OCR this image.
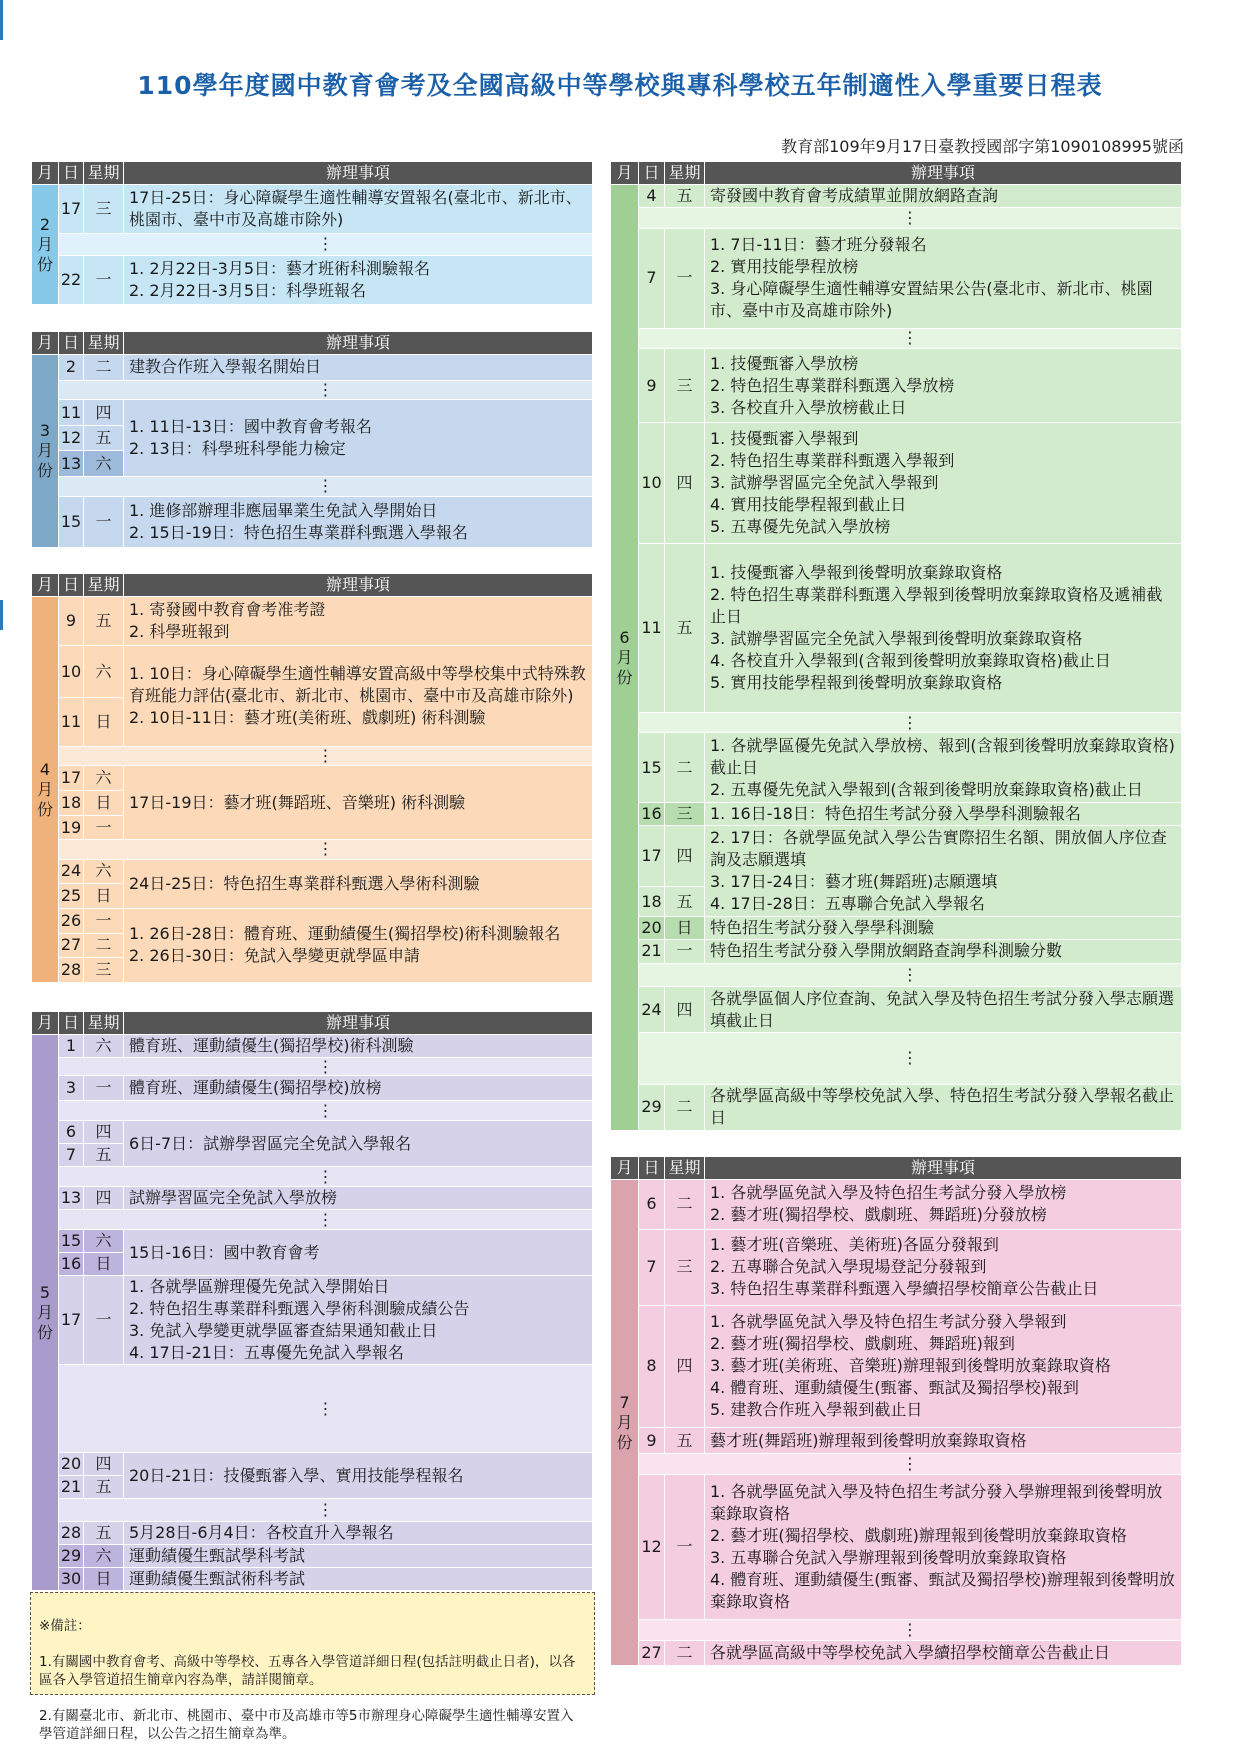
110學年度國中教育會考及全國高級中等學校與專科學校五年制適性入學重要日程表
教育部109年9月17日臺教授國部字第1090108995號函
月	日	星期	辦理事項
2
月
份	17	三	17日-25日：身心障礙學生適性輔導安置報名(臺北市、新北市、桃園市、臺中市及高雄市除外)
	⋮		
	22	一	1. 2月22日-3月5日：藝才班術科測驗報名
2. 2月22日-3月5日：科學班報名
月	日	星期	辦理事項
3
月
份	2	二	建教合作班入學報名開始日
	⋮		
	11	四	1. 11日-13日：國中教育會考報名
2. 13日：科學班科學能力檢定
	12	五	
	13	六	
	⋮		
	15	一	1. 進修部辦理非應屆畢業生免試入學開始日
2. 15日-19日：特色招生專業群科甄選入學報名
月	日	星期	辦理事項
4
月
份	9	五	1. 寄發國中教育會考准考證
2. 科學班報到
	10	六	1. 10日：身心障礙學生適性輔導安置高級中等學校集中式特殊教育班能力評估(臺北市、新北市、桃園市、臺中市及高雄市除外)
2. 10日-11日：藝才班(美術班、戲劇班) 術科測驗
	11	日	
	⋮		
	17	六	17日-19日：藝才班(舞蹈班、音樂班) 術科測驗
	18	日	
	19	一	
	⋮		
	24	六	24日-25日：特色招生專業群科甄選入學術科測驗
	25	日	
	26	一	1. 26日-28日：體育班、運動績優生(獨招學校)術科測驗報名
2. 26日-30日：免試入學變更就學區申請
	27	二	
	28	三	
月	日	星期	辦理事項
5
月
份	1	六	體育班、運動績優生(獨招學校)術科測驗
	⋮		
	3	一	體育班、運動績優生(獨招學校)放榜
	⋮		
	6	四	6日-7日：試辦學習區完全免試入學報名
	7	五	
	⋮		
	13	四	試辦學習區完全免試入學放榜
	⋮		
	15	六	15日-16日：國中教育會考
	16	日	
	17	一	1. 各就學區辦理優先免試入學開始日
2. 特色招生專業群科甄選入學術科測驗成績公告
3. 免試入學變更就學區審查結果通知截止日
4. 17日-21日：五專優先免試入學報名
	⋮		
	20	四	20日-21日：技優甄審入學、實用技能學程報名
	21	五	
	⋮		
	28	五	5月28日-6月4日：各校直升入學報名
	29	六	運動績優生甄試學科考試
	30	日	運動績優生甄試術科考試
月	日	星期	辦理事項
6
月
份	4	五	寄發國中教育會考成績單並開放網路查詢
	⋮		
	7	一	1. 7日-11日：藝才班分發報名
2. 實用技能學程放榜
3. 身心障礙學生適性輔導安置結果公告(臺北市、新北市、桃園市、臺中市及高雄市除外)
	⋮		
	9	三	1. 技優甄審入學放榜
2. 特色招生專業群科甄選入學放榜
3. 各校直升入學放榜截止日
	10	四	1. 技優甄審入學報到
2. 特色招生專業群科甄選入學報到
3. 試辦學習區完全免試入學報到
4. 實用技能學程報到截止日
5. 五專優先免試入學放榜
	11	五	1. 技優甄審入學報到後聲明放棄錄取資格
2. 特色招生專業群科甄選入學報到後聲明放棄錄取資格及遞補截止日
3. 試辦學習區完全免試入學報到後聲明放棄錄取資格
4. 各校直升入學報到(含報到後聲明放棄錄取資格)截止日
5. 實用技能學程報到後聲明放棄錄取資格
	⋮		
	15	二	1. 各就學區優先免試入學放榜、報到(含報到後聲明放棄錄取資格)截止日
2. 五專優先免試入學報到(含報到後聲明放棄錄取資格)截止日
	16	三	1. 16日-18日：特色招生考試分發入學學科測驗報名
	17	四	2. 17日：各就學區免試入學公告實際招生名額、開放個人序位查詢及志願選填
3. 17日-24日：藝才班(舞蹈班)志願選填
4. 17日-28日：五專聯合免試入學報名
	18	五	
	20	日	特色招生考試分發入學學科測驗
	21	一	特色招生考試分發入學開放網路查詢學科測驗分數
	⋮		
	24	四	各就學區個人序位查詢、免試入學及特色招生考試分發入學志願選填截止日
	⋮		
	29	二	各就學區高級中等學校免試入學、特色招生考試分發入學報名截止日
月	日	星期	辦理事項
7
月
份	6	二	1. 各就學區免試入學及特色招生考試分發入學放榜
2. 藝才班(獨招學校、戲劇班、舞蹈班)分發放榜
	7	三	1. 藝才班(音樂班、美術班)各區分發報到
2. 五專聯合免試入學現場登記分發報到
3. 特色招生專業群科甄選入學續招學校簡章公告截止日
	8	四	1. 各就學區免試入學及特色招生考試分發入學報到
2. 藝才班(獨招學校、戲劇班、舞蹈班)報到
3. 藝才班(美術班、音樂班)辦理報到後聲明放棄錄取資格
4. 體育班、運動績優生(甄審、甄試及獨招學校)報到
5. 建教合作班入學報到截止日
	9	五	藝才班(舞蹈班)辦理報到後聲明放棄錄取資格
	⋮		
	12	一	1. 各就學區免試入學及特色招生考試分發入學辦理報到後聲明放棄錄取資格
2. 藝才班(獨招學校、戲劇班)辦理報到後聲明放棄錄取資格
3. 五專聯合免試入學辦理報到後聲明放棄錄取資格
4. 體育班、運動績優生(甄審、甄試及獨招學校)辦理報到後聲明放棄錄取資格
	⋮		
	27	二	各就學區高級中等學校免試入學續招學校簡章公告截止日

※備註：

1.有關國中教育會考、高級中等學校、五專各入學管道詳細日程(包括註明截止日者)，以各區各入學管道招生簡章內容為準，請詳閱簡章。

2.有關臺北市、新北市、桃園市、臺中市及高雄市等5市辦理身心障礙學生適性輔導安置入學管道詳細日程，以公告之招生簡章為準。
